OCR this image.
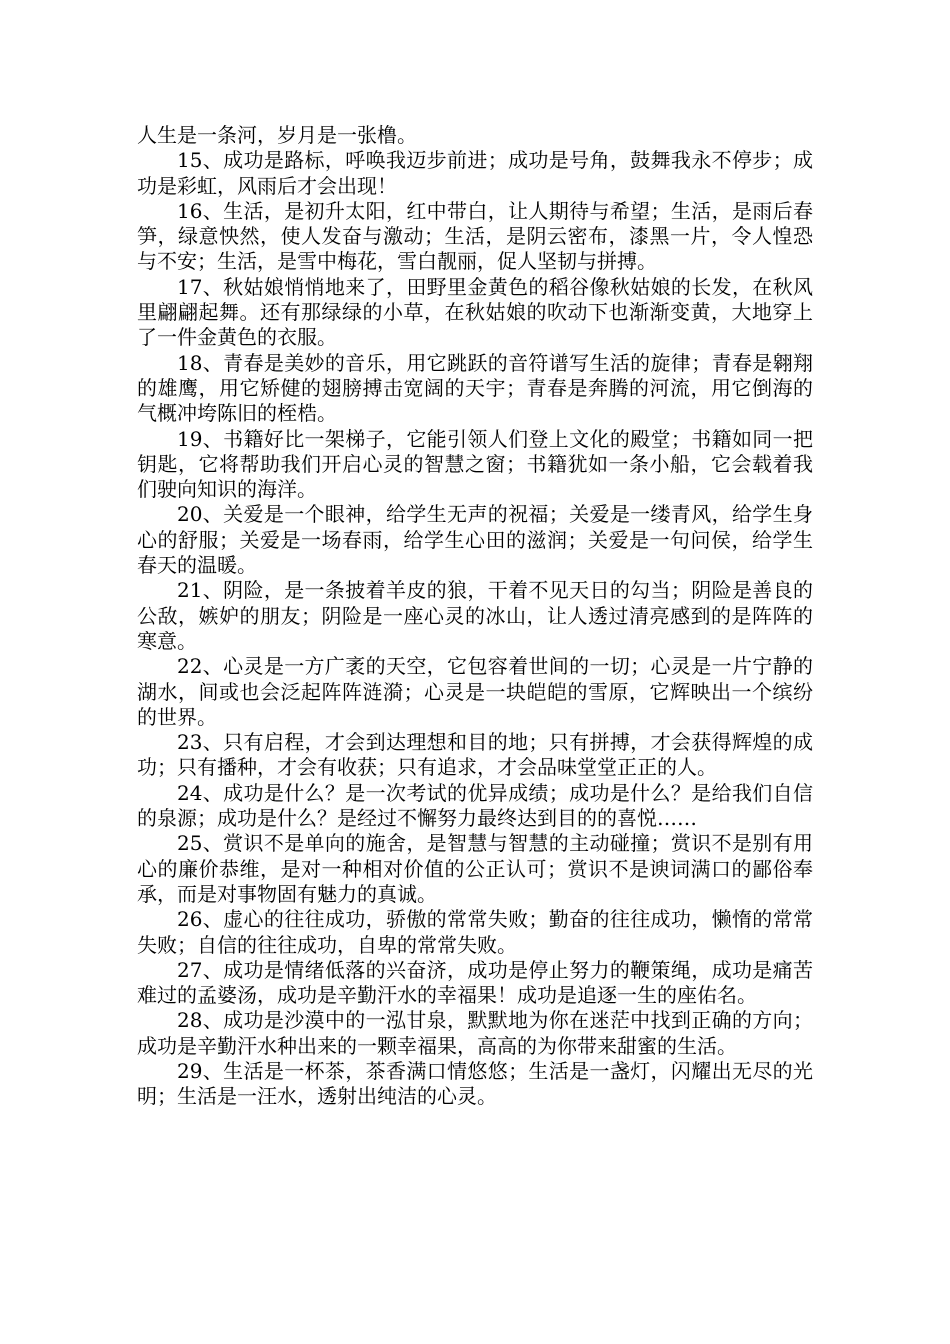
人生是一条河，岁月是一张橹。

15、成功是路标，呼唤我迈步前进；成功是号角，鼓舞我永不停步；成功是彩虹，风雨后才会出现！

16、生活，是初升太阳，红中带白，让人期待与希望；生活，是雨后春笋，绿意怏然，使人发奋与激动；生活，是阴云密布，漆黑一片，令人惶恐与不安；生活，是雪中梅花，雪白靓丽，促人坚韧与拼搏。

17、秋姑娘悄悄地来了，田野里金黄色的稻谷像秋姑娘的长发，在秋风里翩翩起舞。还有那绿绿的小草，在秋姑娘的吹动下也渐渐变黄，大地穿上了一件金黄色的衣服。

18、青春是美妙的音乐，用它跳跃的音符谱写生活的旋律；青春是翱翔的雄鹰，用它矫健的翅膀搏击宽阔的天宇；青春是奔腾的河流，用它倒海的气概冲垮陈旧的桎梏。

19、书籍好比一架梯子，它能引领人们登上文化的殿堂；书籍如同一把钥匙，它将帮助我们开启心灵的智慧之窗；书籍犹如一条小船，它会载着我们驶向知识的海洋。

20、关爱是一个眼神，给学生无声的祝福；关爱是一缕青风，给学生身心的舒服；关爱是一场春雨，给学生心田的滋润；关爱是一句问侯，给学生春天的温暖。

21、阴险，是一条披着羊皮的狼，干着不见天日的勾当；阴险是善良的公敌，嫉妒的朋友；阴险是一座心灵的冰山，让人透过清亮感到的是阵阵的寒意。

22、心灵是一方广袤的天空，它包容着世间的一切；心灵是一片宁静的湖水，间或也会泛起阵阵涟漪；心灵是一块皑皑的雪原，它辉映出一个缤纷的世界。

23、只有启程，才会到达理想和目的地；只有拼搏，才会获得辉煌的成功；只有播种，才会有收获；只有追求，才会品味堂堂正正的人。

24、成功是什么？是一次考试的优异成绩；成功是什么？是给我们自信的泉源；成功是什么？是经过不懈努力最终达到目的的喜悦……

25、赏识不是单向的施舍，是智慧与智慧的主动碰撞；赏识不是别有用心的廉价恭维，是对一种相对价值的公正认可；赏识不是谀词满口的鄙俗奉承，而是对事物固有魅力的真诚。

26、虚心的往往成功，骄傲的常常失败；勤奋的往往成功，懒惰的常常失败；自信的往往成功，自卑的常常失败。

27、成功是情绪低落的兴奋济，成功是停止努力的鞭策绳，成功是痛苦难过的孟婆汤，成功是辛勤汗水的幸福果！成功是追逐一生的座佑名。

28、成功是沙漠中的一泓甘泉，默默地为你在迷茫中找到正确的方向；成功是辛勤汗水种出来的一颗幸福果，高高的为你带来甜蜜的生活。

29、生活是一杯茶，茶香满口情悠悠；生活是一盏灯，闪耀出无尽的光明；生活是一汪水，透射出纯洁的心灵。
